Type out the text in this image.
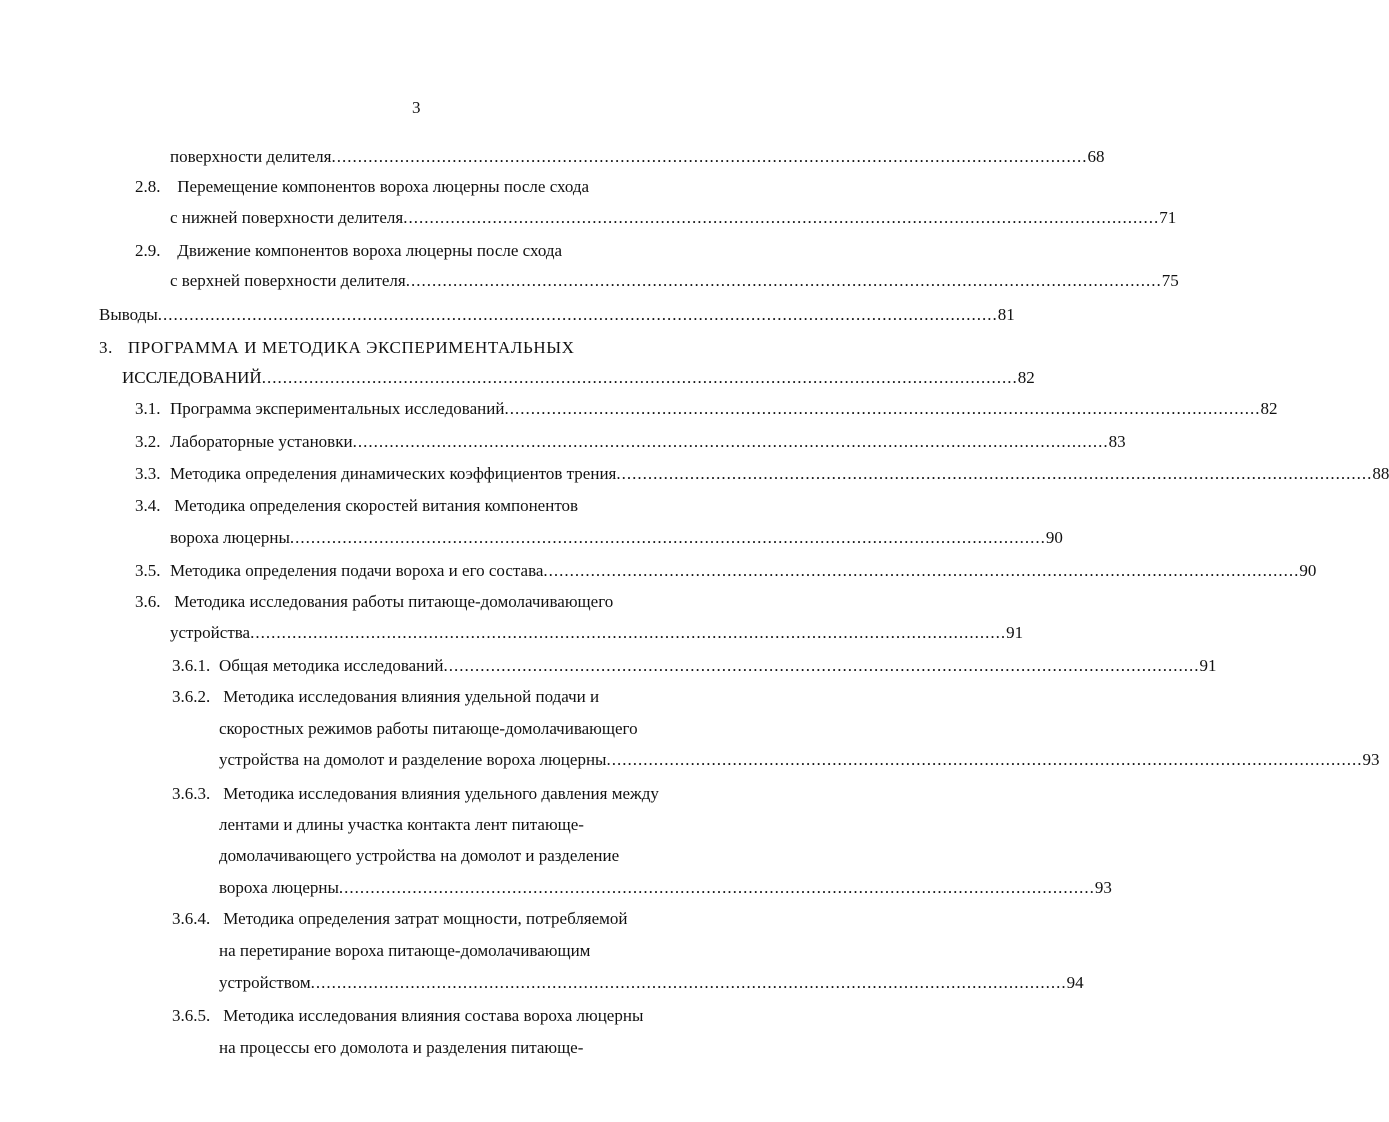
3
поверхности делителя ................................................................................................................................................ 68
2.8. Перемещение компонентов вороха люцерны после схода
с нижней поверхности делителя ................................................................................................................................................ 71
2.9. Движение компонентов вороха люцерны после схода
с верхней поверхности делителя ................................................................................................................................................ 75
Выводы ................................................................................................................................................................ 81
3. ПРОГРАММА И МЕТОДИКА ЭКСПЕРИМЕНТАЛЬНЫХ
ИССЛЕДОВАНИЙ ................................................................................................................................................ 82
3.1. Программа экспериментальных исследований ................................................................................................................................................ 82
3.2. Лабораторные установки ................................................................................................................................................ 83
3.3. Методика определения динамических коэффициентов трения ................................................................................................................................................ 88
3.4. Методика определения скоростей витания компонентов
вороха люцерны ................................................................................................................................................ 90
3.5. Методика определения подачи вороха и его состава ................................................................................................................................................ 90
3.6. Методика исследования работы питающе-домолачивающего
устройства ................................................................................................................................................ 91
3.6.1. Общая методика исследований ................................................................................................................................................ 91
3.6.2. Методика исследования влияния удельной подачи и
скоростных режимов работы питающе-домолачивающего
устройства на домолот и разделение вороха люцерны ................................................................................................................................................ 93
3.6.3. Методика исследования влияния удельного давления между
лентами и длины участка контакта лент питающе-
домолачивающего устройства на домолот и разделение
вороха люцерны ................................................................................................................................................ 93
3.6.4. Методика определения затрат мощности, потребляемой
на перетирание вороха питающе-домолачивающим
устройством ................................................................................................................................................ 94
3.6.5. Методика исследования влияния состава вороха люцерны
на процессы его домолота и разделения питающе-
